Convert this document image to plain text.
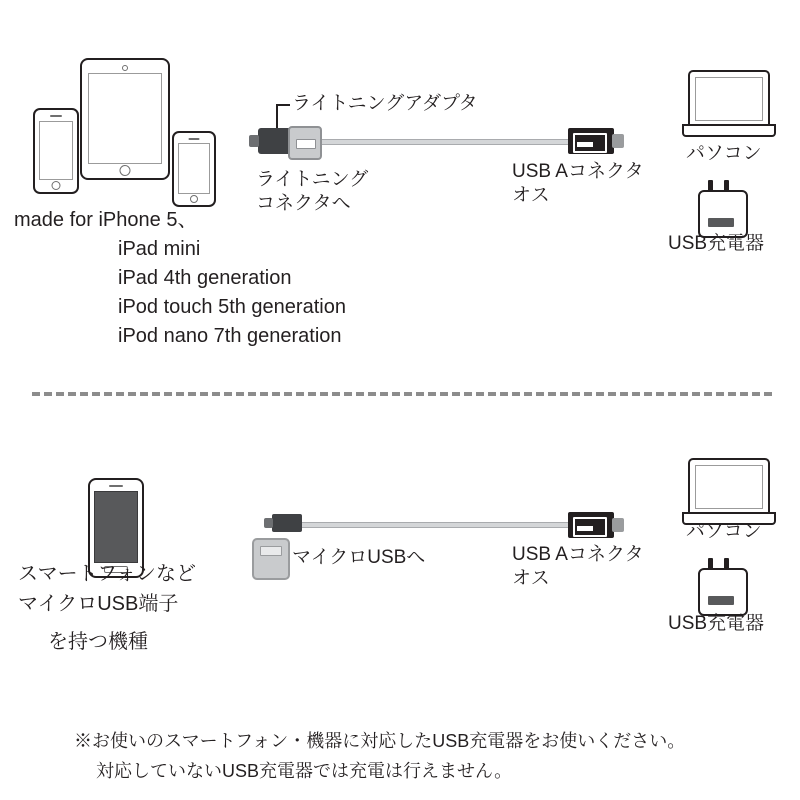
made for iPhone 5、
iPad mini
iPad 4th generation
iPod touch 5th generation
iPod nano 7th generation
ライトニングアダプタ
ライトニング
コネクタへ
USB Aコネクタ
オス
パソコン
USB充電器
スマートフォンなど
マイクロUSB端子
を持つ機種
マイクロUSBへ	USB Aコネクタ
オス
パソコン
USB充電器
※お使いのスマートフォン・機器に対応したUSB充電器をお使いください。
対応していないUSB充電器では充電は行えません。
